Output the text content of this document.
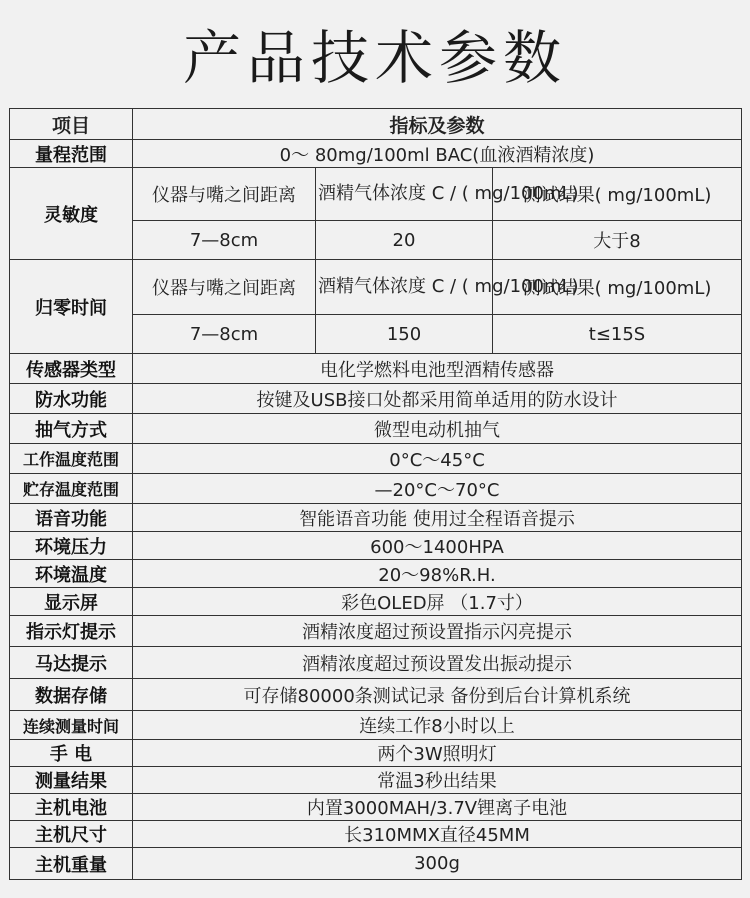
产品技术参数
项目	指标及参数		
量程范围	0～ 80mg/100ml BAC(血液酒精浓度)		
灵敏度	仪器与嘴之间距离	酒精气体浓度 C / ( mg/100mL)	测试结果( mg/100mL)
	7—8cm	20	大于8
归零时间	仪器与嘴之间距离	酒精气体浓度 C / ( mg/100mL)	测试结果( mg/100mL)
	7—8cm	150	t≤15S
传感器类型	电化学燃料电池型酒精传感器		
防水功能	按键及USB接口处都采用简单适用的防水设计		
抽气方式	微型电动机抽气		
工作温度范围	0°C～45°C		
贮存温度范围	—20°C～70°C		
语音功能	智能语音功能 使用过全程语音提示		
环境压力	600～1400HPA		
环境温度	20～98%R.H.		
显示屏	彩色OLED屏 （1.7寸）		
指示灯提示	酒精浓度超过预设置指示闪亮提示		
马达提示	酒精浓度超过预设置发出振动提示		
数据存储	可存储80000条测试记录 备份到后台计算机系统		
连续测量时间	连续工作8小时以上		
手 电	两个3W照明灯		
测量结果	常温3秒出结果		
主机电池	内置3000MAH/3.7V锂离子电池		
主机尺寸	长310MMX直径45MM		
主机重量	300g		
